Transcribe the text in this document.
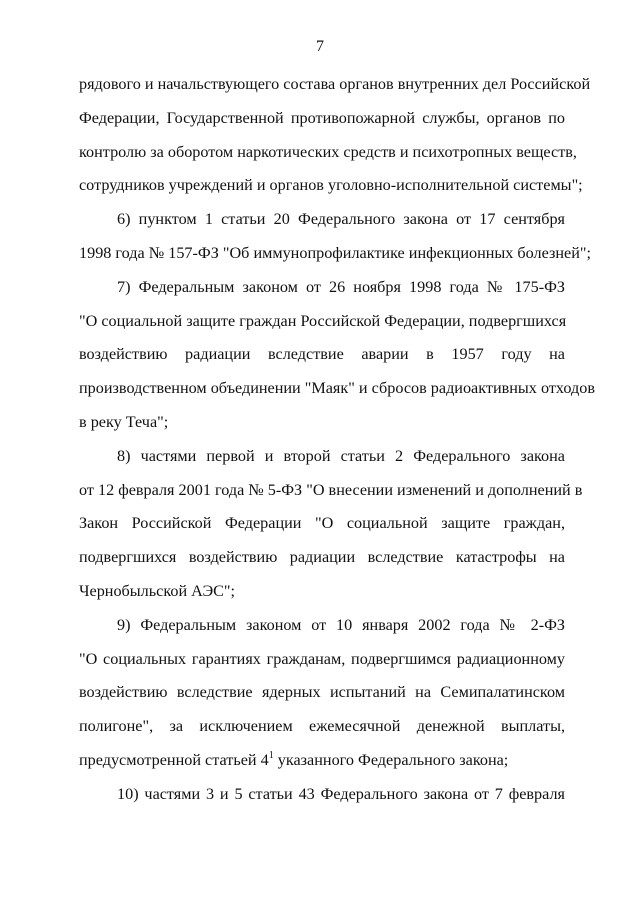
7
рядового и начальствующего состава органов внутренних дел Российской
Федерации, Государственной противопожарной службы, органов по
контролю за оборотом наркотических средств и психотропных веществ,
сотрудников учреждений и органов уголовно-исполнительной системы";
6) пунктом 1 статьи 20 Федерального закона от 17 сентября
1998 года № 157-ФЗ "Об иммунопрофилактике инфекционных болезней";
7) Федеральным законом от 26 ноября 1998 года № 175-ФЗ
"О социальной защите граждан Российской Федерации, подвергшихся
воздействию радиации вследствие аварии в 1957 году на
производственном объединении "Маяк" и сбросов радиоактивных отходов
в реку Теча";
8) частями первой и второй статьи 2 Федерального закона
от 12 февраля 2001 года № 5-ФЗ "О внесении изменений и дополнений в
Закон Российской Федерации "О социальной защите граждан,
подвергшихся воздействию радиации вследствие катастрофы на
Чернобыльской АЭС";
9) Федеральным законом от 10 января 2002 года № 2-ФЗ
"О социальных гарантиях гражданам, подвергшимся радиационному
воздействию вследствие ядерных испытаний на Семипалатинском
полигоне", за исключением ежемесячной денежной выплаты,
предусмотренной статьей $4^1$ указанного Федерального закона;
10) частями 3 и 5 статьи 43 Федерального закона от 7 февраля
